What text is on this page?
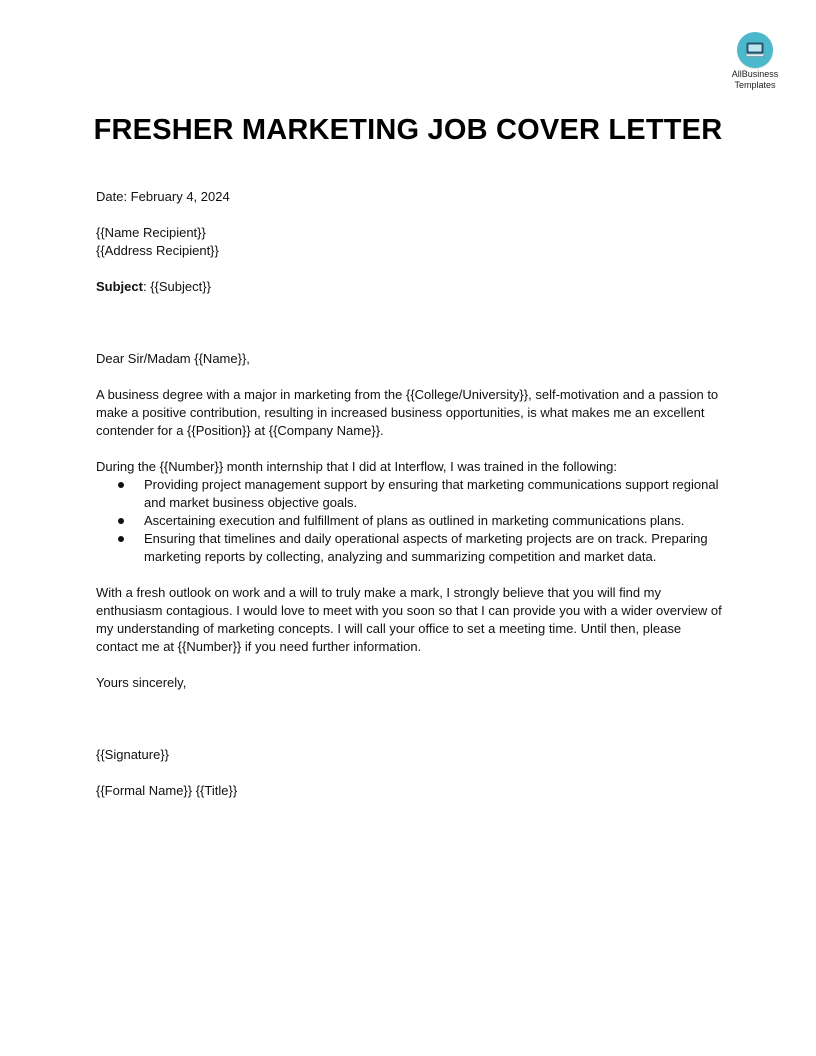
AllBusiness
Templates
FRESHER MARKETING JOB COVER LETTER

Date: February 4, 2024

{{Name Recipient}}

{{Address Recipient}}

Subject: {{Subject}}

Dear Sir/Madam {{Name}},

A business degree with a major in marketing from the {{College/University}}, self-motivation and a passion to make a positive contribution, resulting in increased business opportunities, is what makes me an excellent contender for a {{Position}} at {{Company Name}}.

During the {{Number}} month internship that I did at Interflow, I was trained in the following:

Providing project management support by ensuring that marketing communications support regional and market business objective goals.
Ascertaining execution and fulfillment of plans as outlined in marketing communications plans.
Ensuring that timelines and daily operational aspects of marketing projects are on track. Preparing marketing reports by collecting, analyzing and summarizing competition and market data.

With a fresh outlook on work and a will to truly make a mark, I strongly believe that you will find my enthusiasm contagious. I would love to meet with you soon so that I can provide you with a wider overview of my understanding of marketing concepts. I will call your office to set a meeting time. Until then, please contact me at {{Number}} if you need further information.

Yours sincerely,

{{Signature}}

{{Formal Name}} {{Title}}
